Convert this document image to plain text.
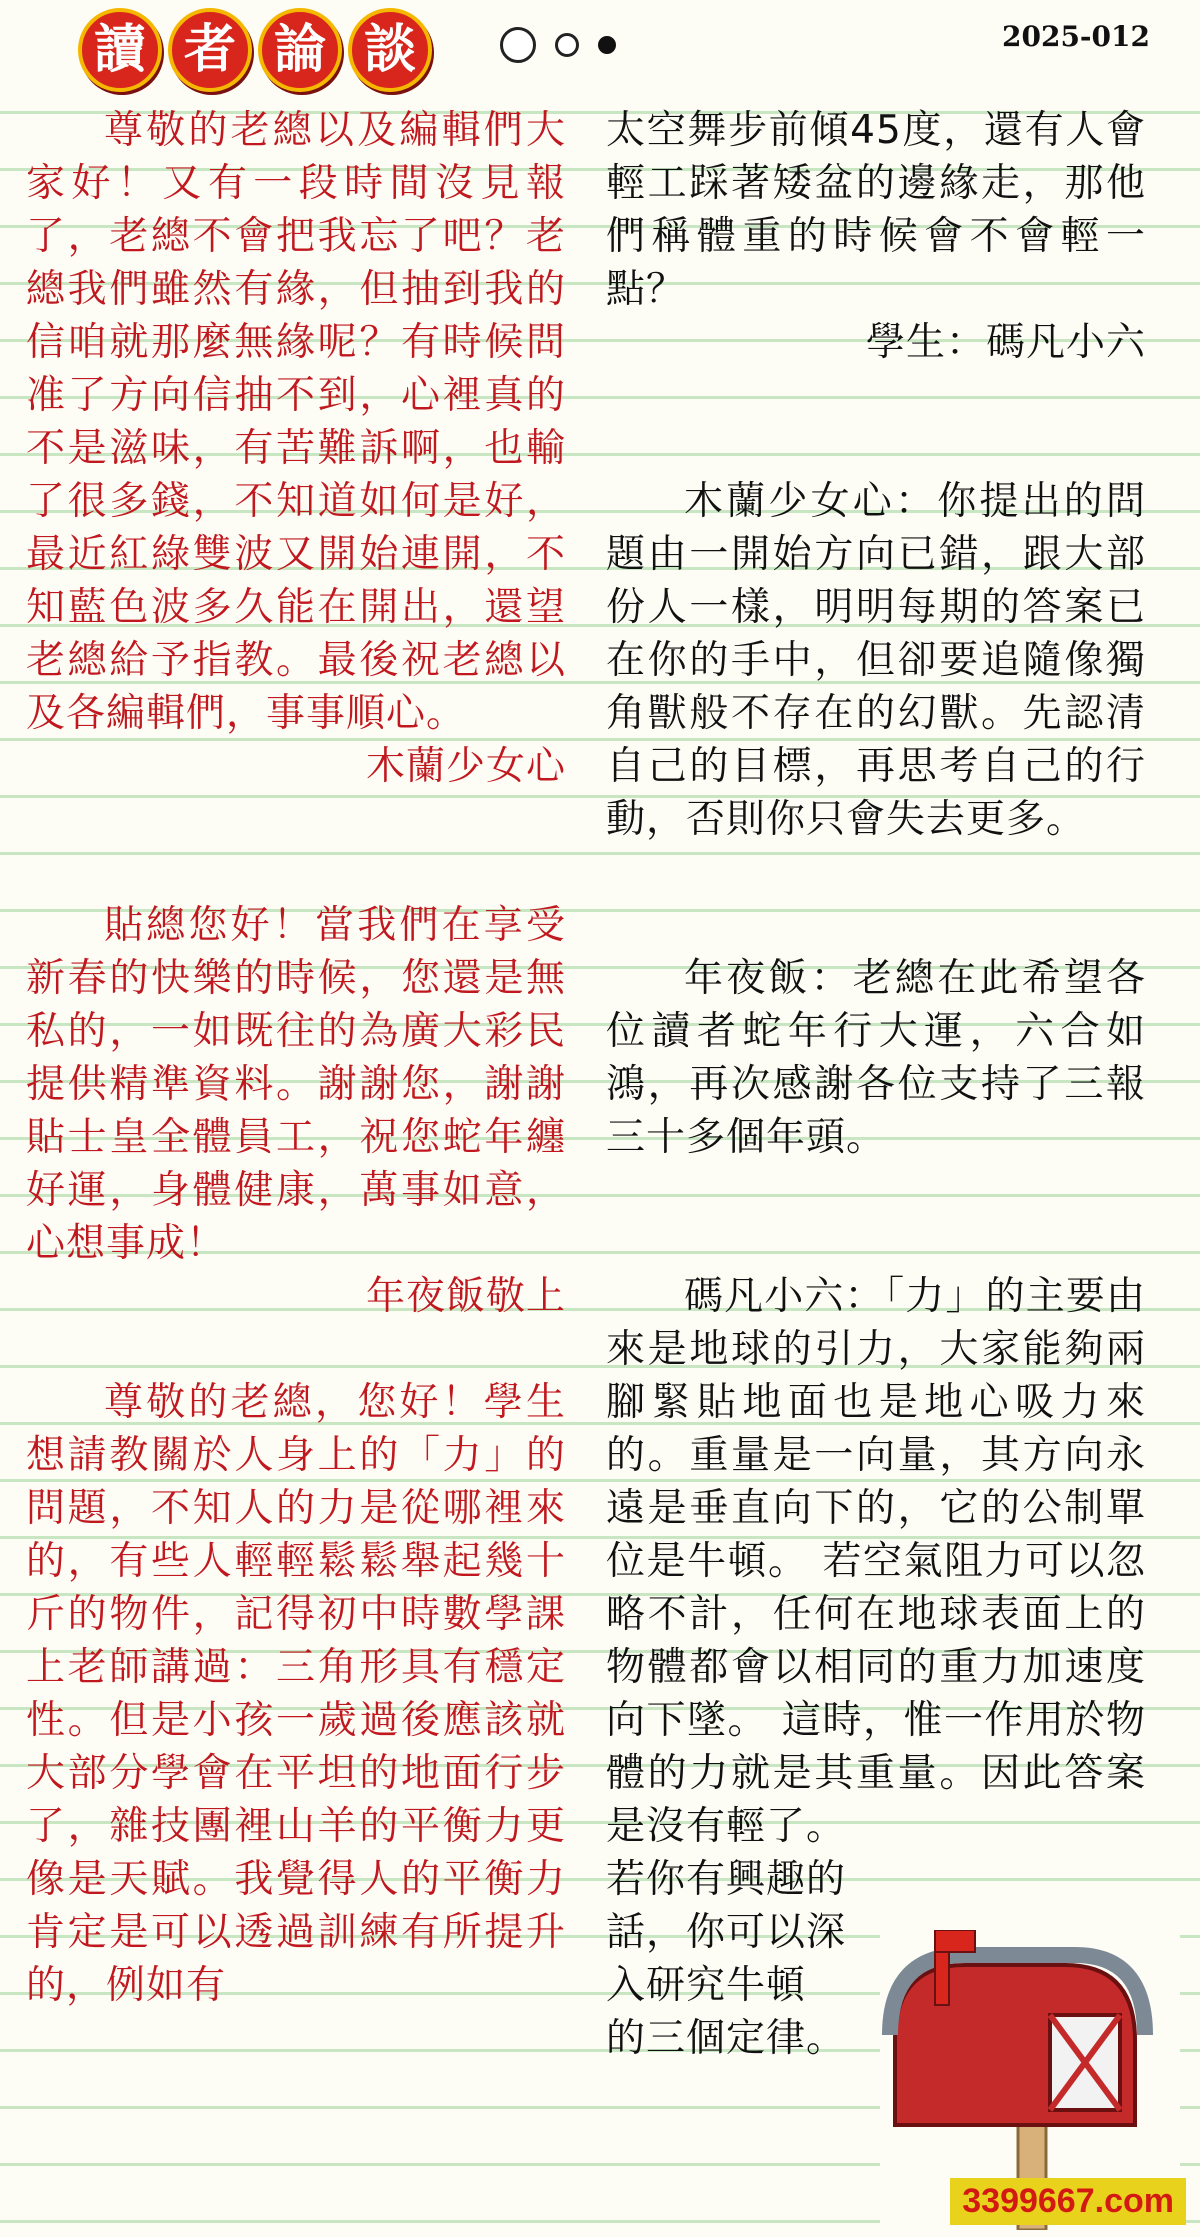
讀 者 論 談	2025-012

尊敬的老總以及編輯們大家好！又有一段時間沒見報了，老總不會把我忘了吧？老總我們雖然有緣，但抽到我的信咱就那麼無緣呢？有時候問准了方向信抽不到，心裡真的不是滋味，有苦難訴啊，也輸了很多錢，不知道如何是好，最近紅綠雙波又開始連開，不知藍色波多久能在開出，還望老總給予指教。最後祝老總以及各編輯們，事事順心。

木蘭少女心

貼總您好！當我們在享受新春的快樂的時候，您還是無私的，一如既往的為廣大彩民提供精準資料。謝謝您，謝謝貼士皇全體員工，祝您蛇年纏好運，身體健康，萬事如意，心想事成！

年夜飯敬上

尊敬的老總，您好！學生想請教關於人身上的「力」的問題，不知人的力是從哪裡來的，有些人輕輕鬆鬆舉起幾十斤的物件，記得初中時數學課上老師講過：三角形具有穩定性。但是小孩一歲過後應該就大部分學會在平坦的地面行步了，雜技團裡山羊的平衡力更像是天賦。我覺得人的平衡力肯定是可以透過訓練有所提升的，例如有

太空舞步前傾45度，還有人會輕工踩著矮盆的邊緣走，那他們稱體重的時候會不會輕一點？

學生：碼凡小六

木蘭少女心：你提出的問題由一開始方向已錯，跟大部份人一樣，明明每期的答案已在你的手中，但卻要追隨像獨角獸般不存在的幻獸。先認清自己的目標，再思考自己的行動，否則你只會失去更多。

年夜飯：老總在此希望各位讀者蛇年行大運，六合如鴻，再次感謝各位支持了三報三十多個年頭。

碼凡小六：「力」的主要由來是地球的引力，大家能夠兩腳緊貼地面也是地心吸力來的。重量是一向量，其方向永遠是垂直向下的，它的公制單位是牛頓。 若空氣阻力可以忽略不計，任何在地球表面上的物體都會以相同的重力加速度 向下墜。 這時，惟一作用於物體的力就是其重量。因此答案是沒有輕了。

若你有興趣的

話，你可以深

入研究牛頓

的三個定律。

3399667.com
